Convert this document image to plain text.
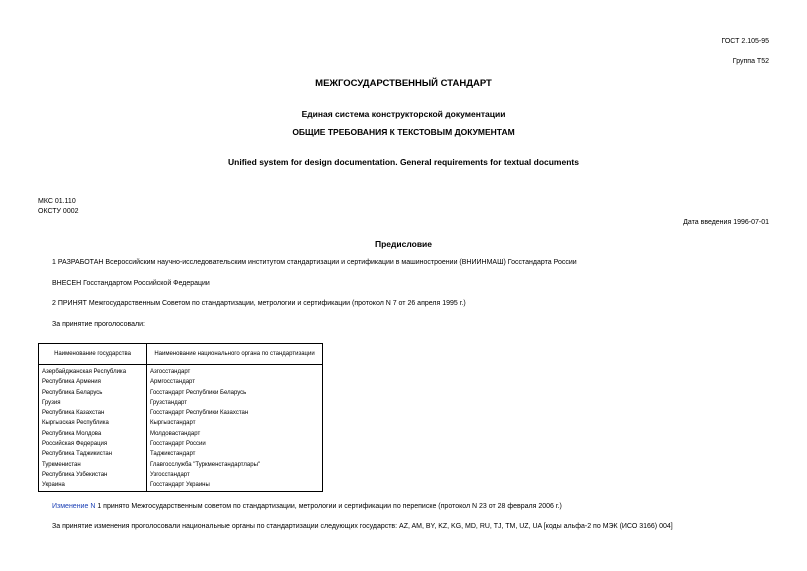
ГОСТ 2.105-95
Группа Т52
МЕЖГОСУДАРСТВЕННЫЙ СТАНДАРТ
Единая система конструкторской документации
ОБЩИЕ ТРЕБОВАНИЯ К ТЕКСТОВЫМ ДОКУМЕНТАМ
Unified system for design documentation. General requirements for textual documents
МКС 01.110
ОКСТУ 0002
Дата введения 1996-07-01
Предисловие
1 РАЗРАБОТАН Всероссийским научно-исследовательским институтом стандартизации и сертификации в машиностроении (ВНИИНМАШ) Госстандарта России
ВНЕСЕН Госстандартом Российской Федерации
2 ПРИНЯТ Межгосударственным Советом по стандартизации, метрологии и сертификации (протокол N 7 от 26 апреля 1995 г.)
За принятие проголосовали:
Наименование государства	Наименование национального органа по стандартизации
Азербайджанская Республика	Азгосстандарт
Республика Армения	Армгосстандарт
Республика Беларусь	Госстандарт Республики Беларусь
Грузия	Грузстандарт
Республика Казахстан	Госстандарт Республики Казахстан
Кыргызская Республика	Кыргызстандарт
Республика Молдова	Молдовастандарт
Российская Федерация	Госстандарт России
Республика Таджикистан	Таджикстандарт
Туркменистан	Главгосслужба "Туркменстандартлары"
Республика Узбекистан	Узгосстандарт
Украина	Госстандарт Украины
Изменение N 1 принято Межгосударственным советом по стандартизации, метрологии и сертификации по переписке (протокол N 23 от 28 февраля 2006 г.)
За принятие изменения проголосовали национальные органы по стандартизации следующих государств: AZ, AM, BY, KZ, KG, MD, RU, TJ, TM, UZ, UA [коды альфа-2 по МЭК (ИСО 3166) 004]
